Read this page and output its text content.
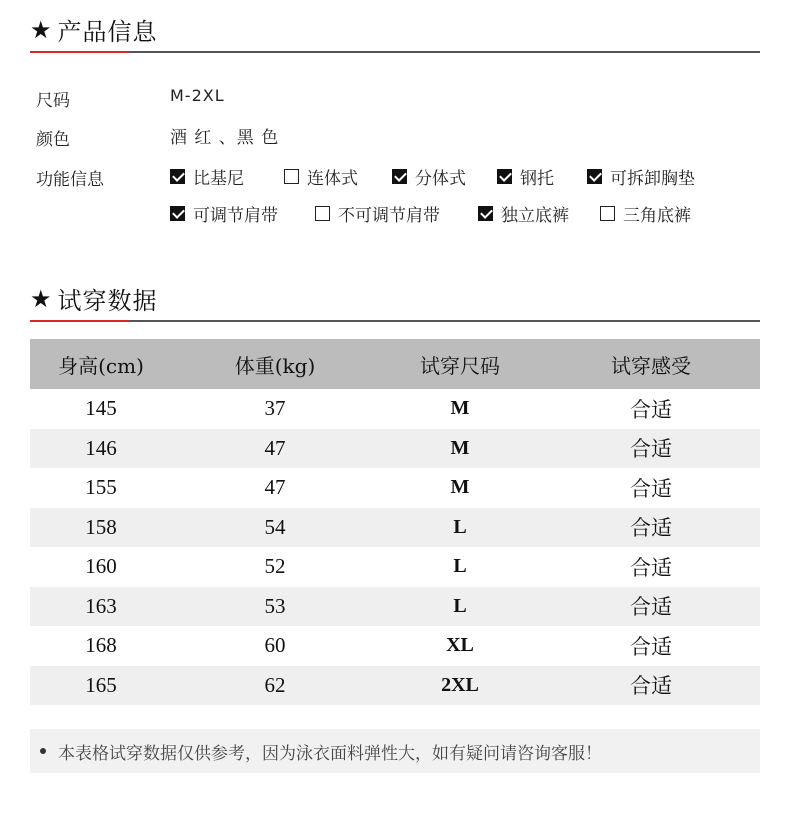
★ 产品信息
尺码	M-2XL
颜色	酒 红 、黑 色
功能信息	比基尼	连体式	分体式	钢托	可拆卸胸垫
可调节肩带	不可调节肩带	独立底裤	三角底裤
★ 试穿数据
身高(cm)	体重(kg)	试穿尺码	试穿感受
145	37	M	合适
146	47	M	合适
155	47	M	合适
158	54	L	合适
160	52	L	合适
163	53	L	合适
168	60	XL	合适
165	62	2XL	合适
本表格试穿数据仅供参考，因为泳衣面料弹性大，如有疑问请咨询客服！
